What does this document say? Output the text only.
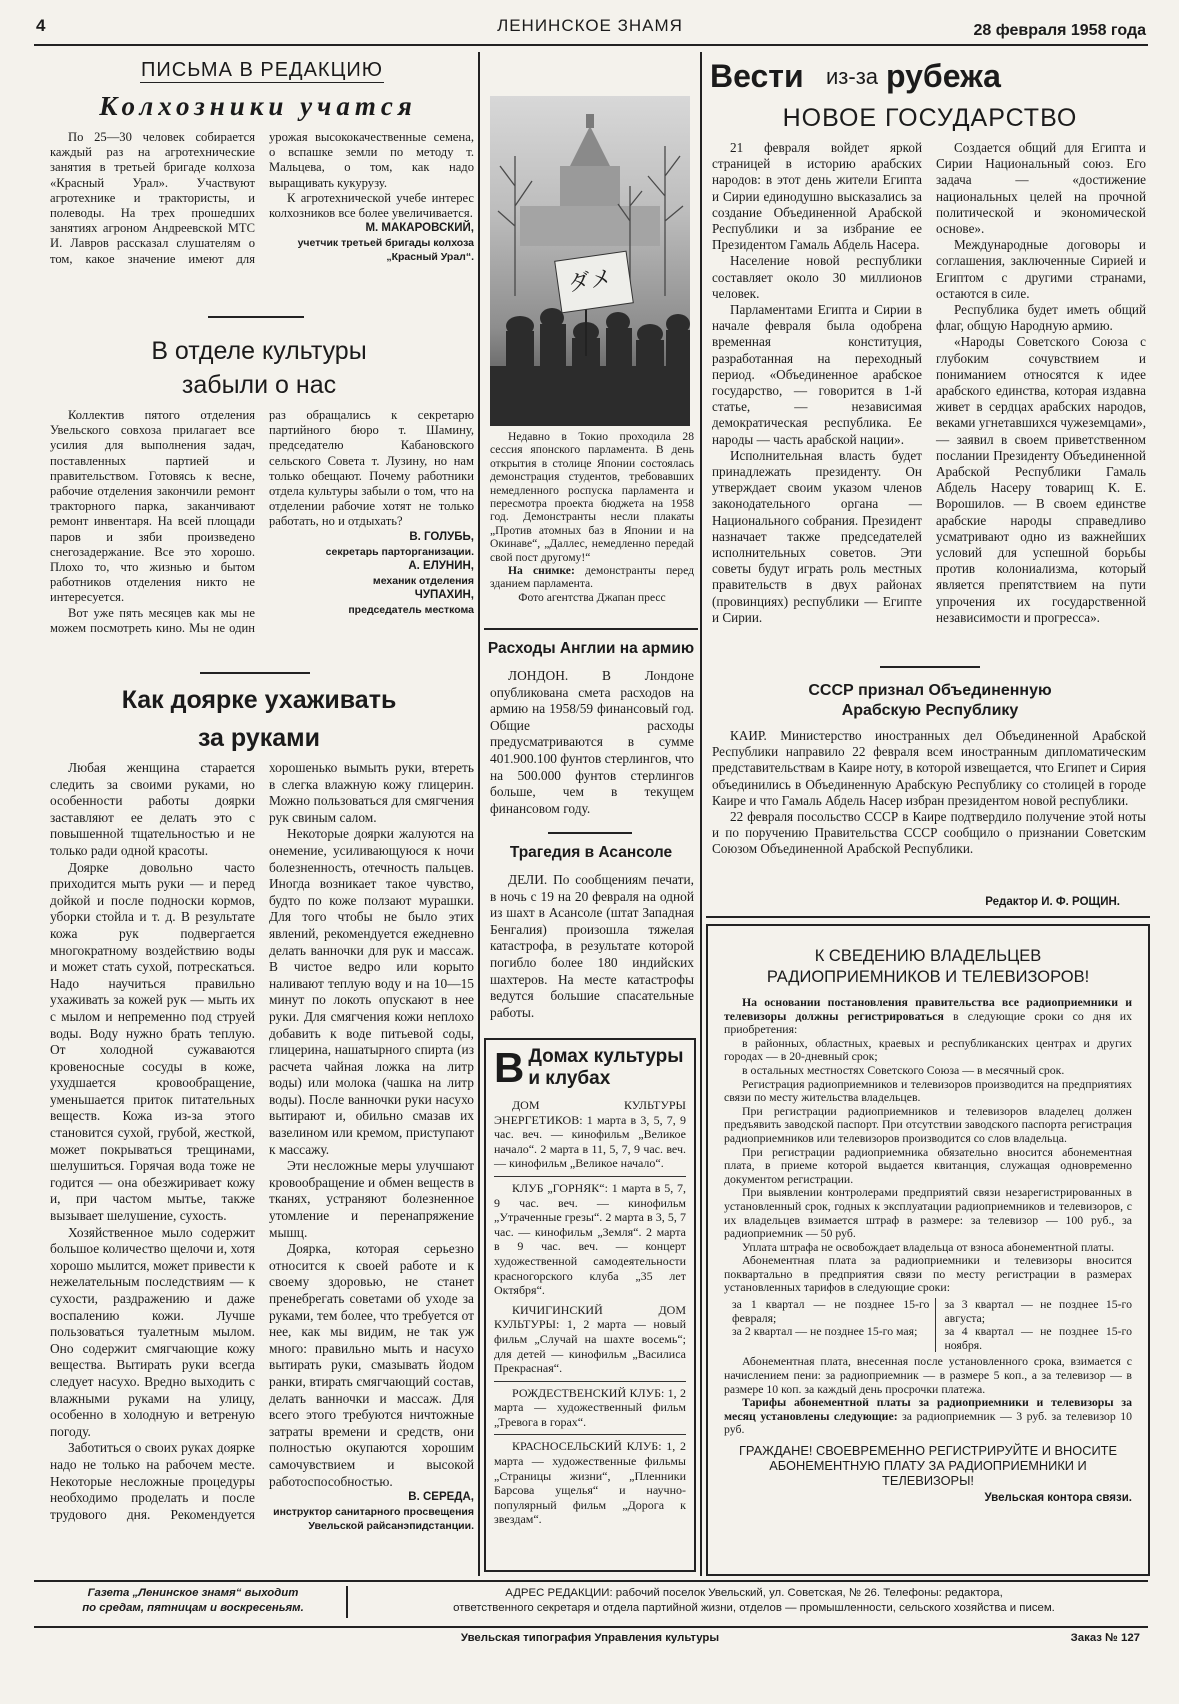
4	ЛЕНИНСКОЕ ЗНАМЯ	28 февраля 1958 года
ПИСЬМА В РЕДАКЦИЮ
Колхозники учатся

По 25—30 человек собирается каждый раз на агротехнические занятия в третьей бригаде колхоза «Красный Урал». Участвуют агротехнике и трактористы, и полеводы. На трех прошедших занятиях агроном Андреевской МТС И. Лавров рассказал слушателям о том, какое значение имеют для урожая высококачественные семена, о вспашке земли по методу т. Мальцева, о том, как надо выращивать кукурузу.

К агротехнической учебе интерес колхозников все более увеличивается.

М. МАКАРОВСКИЙ,

учетчик третьей бригады колхоза „Красный Урал“.

В отделе культуры
забыли о нас

Коллектив пятого отделения Увельского совхоза прилагает все усилия для выполнения задач, поставленных партией и правительством. Готовясь к весне, рабочие отделения закончили ремонт тракторного парка, заканчивают ремонт инвентаря. На всей площади паров и зяби произведено снегозадержание. Все это хорошо. Плохо то, что жизнью и бытом работников отделения никто не интересуется.

Вот уже пять месяцев как мы не можем посмотреть кино. Мы не один раз обращались к секретарю партийного бюро т. Шамину, председателю Кабановского сельского Совета т. Лузину, но нам только обещают. Почему работники отдела культуры забыли о том, что на отделении рабочие хотят не только работать, но и отдыхать?

В. ГОЛУБЬ,

секретарь парторганизации.

А. ЕЛУНИН,

механик отделения

ЧУПАХИН,

председатель месткома

Как доярке ухаживать
за руками

Любая женщина старается следить за своими руками, но особенности работы доярки заставляют ее делать это с повышенной тщательностью и не только ради одной красоты.

Доярке довольно часто приходится мыть руки — и перед дойкой и после подноски кормов, уборки стойла и т. д. В результате кожа рук подвергается многократному воздействию воды и может стать сухой, потрескаться. Надо научиться правильно ухаживать за кожей рук — мыть их с мылом и непременно под струей воды. Воду нужно брать теплую. От холодной сужаваются кровеносные сосуды в коже, ухудшается кровообращение, уменьшается приток питательных веществ. Кожа из-за этого становится сухой, грубой, жесткой, может покрываться трещинами, шелушиться. Горячая вода тоже не годится — она обезжиривает кожу и, при частом мытье, также вызывает шелушение, сухость.

Хозяйственное мыло содержит большое количество щелочи и, хотя хорошо мылится, может привести к нежелательным последствиям — к сухости, раздражению и даже воспалению кожи. Лучше пользоваться туалетным мылом. Оно содержит смягчающие кожу вещества. Вытирать руки всегда следует насухо. Вредно выходить с влажными руками на улицу, особенно в холодную и ветреную погоду.

Заботиться о своих руках доярке надо не только на рабочем месте. Некоторые несложные процедуры необходимо проделать и после трудового дня. Рекомендуется хорошенько вымыть руки, втереть в слегка влажную кожу глицерин. Можно пользоваться для смягчения рук свиным салом.

Некоторые доярки жалуются на онемение, усиливающуюся к ночи болезненность, отечность пальцев. Иногда возникает такое чувство, будто по коже ползают мурашки. Для того чтобы не было этих явлений, рекомендуется ежедневно делать ванночки для рук и массаж. В чистое ведро или корыто наливают теплую воду и на 10—15 минут по локоть опускают в нее руки. Для смягчения кожи неплохо добавить к воде питьевой соды, глицерина, нашатырного спирта (из расчета чайная ложка на литр воды) или молока (чашка на литр воды). После ванночки руки насухо вытирают и, обильно смазав их вазелином или кремом, приступают к массажу.

Эти несложные меры улучшают кровообращение и обмен веществ в тканях, устраняют болезненное утомление и перенапряжение мышц.

Доярка, которая серьезно относится к своей работе и к своему здоровью, не станет пренебрегать советами об уходе за руками, тем более, что требуется от нее, как мы видим, не так уж много: правильно мыть и насухо вытирать руки, смазывать йодом ранки, втирать смягчающий состав, делать ванночки и массаж. Для всего этого требуются ничтожные затраты времени и средств, они полностью окупаются хорошим самочувствием и высокой работоспособностью.

В. СЕРЕДА,

инструктор санитарного просвещения Увельской райсанэпидстанции.

ダメ

Недавно в Токио проходила 28 сессия японского парламента. В день открытия в столице Японии состоялась демонстрация студентов, требовавших немедленного роспуска парламента и пересмотра проекта бюджета на 1958 год. Демонстранты несли плакаты „Против атомных баз в Японии и на Окинаве“, „Даллес, немедленно передай свой пост другому!“

На снимке: демонстранты перед зданием парламента.

Фото агентства Джапан пресс

Расходы Англии на армию

ЛОНДОН. В Лондоне опубликована смета расходов на армию на 1958/59 финансовый год. Общие расходы предусматриваются в сумме 401.900.100 фунтов стерлингов, что на 500.000 фунтов стерлингов больше, чем в текущем финансовом году.

Трагедия в Асансоле

ДЕЛИ. По сообщениям печати, в ночь с 19 на 20 февраля на одной из шахт в Асансоле (штат Западная Бенгалия) произошла тяжелая катастрофа, в результате которой погибло более 180 индийских шахтеров. На месте катастрофы ведутся большие спасательные работы.

В Домах культуры
и клубах

ДОМ КУЛЬТУРЫ ЭНЕРГЕТИКОВ: 1 марта в 3, 5, 7, 9 час. веч. — кинофильм „Великое начало“. 2 марта в 11, 5, 7, 9 час. веч. — кинофильм „Великое начало“.

КЛУБ „ГОРНЯК“: 1 марта в 5, 7, 9 час. веч. — кинофильм „Утраченные грезы“. 2 марта в 3, 5, 7 час. — кинофильм „Земля“. 2 марта в 9 час. веч. — концерт художественной самодеятельности красногорского клуба „35 лет Октября“.

КИЧИГИНСКИЙ ДОМ КУЛЬТУРЫ: 1, 2 марта — новый фильм „Случай на шахте восемь“; для детей — кинофильм „Василиса Прекрасная“.

РОЖДЕСТВЕНСКИЙ КЛУБ: 1, 2 марта — художественный фильм „Тревога в горах“.

КРАСНОСЕЛЬСКИЙ КЛУБ: 1, 2 марта — художественные фильмы „Страницы жизни“, „Пленники Барсова ущелья“ и научно-популярный фильм „Дорога к звездам“.

Вести из-за рубежа
НОВОЕ ГОСУДАРСТВО

21 февраля войдет яркой страницей в историю арабских народов: в этот день жители Египта и Сирии единодушно высказались за создание Объединенной Арабской Республики и за избрание ее Президентом Гамаль Абдель Насера.

Население новой республики составляет около 30 миллионов человек.

Парламентами Египта и Сирии в начале февраля была одобрена временная конституция, разработанная на переходный период. «Объединенное арабское государство, — говорится в 1-й статье, — независимая демократическая республика. Ее народы — часть арабской нации».

Исполнительная власть будет принадлежать президенту. Он утверждает своим указом членов законодательного органа — Национального собрания. Президент назначает также председателей исполнительных советов. Эти советы будут играть роль местных правительств в двух районах (провинциях) республики — Египте и Сирии.

Создается общий для Египта и Сирии Национальный союз. Его задача — «достижение национальных целей на прочной политической и экономической основе».

Международные договоры и соглашения, заключенные Сирией и Египтом с другими странами, остаются в силе.

Республика будет иметь общий флаг, общую Народную армию.

«Народы Советского Союза с глубоким сочувствием и пониманием относятся к идее арабского единства, которая издавна живет в сердцах арабских народов, веками угнетавшихся чужеземцами», — заявил в своем приветственном послании Президенту Объединенной Арабской Республики Гамаль Абдель Насеру товарищ К. Е. Ворошилов. — В своем единстве арабские народы справедливо усматривают одно из важнейших условий для успешной борьбы против колониализма, который является препятствием на пути упрочения их государственной независимости и прогресса».

СССР признал Объединенную
Арабскую Республику

КАИР. Министерство иностранных дел Объединенной Арабской Республики направило 22 февраля всем иностранным дипломатическим представительствам в Каире ноту, в которой извещается, что Египет и Сирия объединились в Объединенную Арабскую Республику со столицей в городе Каире и что Гамаль Абдель Насер избран президентом новой республики.

22 февраля посольство СССР в Каире подтвердило получение этой ноты и по поручению Правительства СССР сообщило о признании Советским Союзом Объединенной Арабской Республики.

Редактор И. Ф. РОЩИН.
К СВЕДЕНИЮ ВЛАДЕЛЬЦЕВ
РАДИОПРИЕМНИКОВ И ТЕЛЕВИЗОРОВ!

На основании постановления правительства все радиоприемники и телевизоры должны регистрироваться в следующие сроки со дня их приобретения:

в районных, областных, краевых и республиканских центрах и других городах — в 20-дневный срок;

в остальных местностях Советского Союза — в месячный срок.

Регистрация радиоприемников и телевизоров производится на предприятиях связи по месту жительства владельцев.

При регистрации радиоприемников и телевизоров владелец должен предъявить заводской паспорт. При отсутствии заводского паспорта регистрация радиоприемников или телевизоров производится со слов владельца.

При регистрации радиоприемника обязательно вносится абонементная плата, в приеме которой выдается квитанция, служащая одновременно документом регистрации.

При выявлении контролерами предприятий связи незарегистрированных в установленный срок, годных к эксплуатации радиоприемников и телевизоров, с их владельцев взимается штраф в размере: за телевизор — 100 руб., за радиоприемник — 50 руб.

Уплата штрафа не освобождает владельца от взноса абонементной платы.

Абонементная плата за радиоприемники и телевизоры вносится поквартально в предприятия связи по месту регистрации в размерах установленных тарифов в следующие сроки:

за 1 квартал — не позднее 15-го февраля;
за 2 квартал — не позднее 15-го мая;
за 3 квартал — не позднее 15-го августа;
за 4 квартал — не позднее 15-го ноября.

Абонементная плата, внесенная после установленного срока, взимается с начислением пени: за радиоприемник — в размере 5 коп., а за телевизор — в размере 10 коп. за каждый день просрочки платежа.

Тарифы абонементной платы за радиоприемники и телевизоры за месяц установлены следующие: за радиоприемник — 3 руб. за телевизор 10 руб.

ГРАЖДАНЕ! СВОЕВРЕМЕННО РЕГИСТРИРУЙТЕ И ВНОСИТЕ АБОНЕМЕНТНУЮ ПЛАТУ ЗА РАДИОПРИЕМНИКИ И ТЕЛЕВИЗОРЫ!
Увельская контора связи.
Газета „Ленинское знамя“ выходит
по средам, пятницам и воскресеньям.
АДРЕС РЕДАКЦИИ: рабочий поселок Увельский, ул. Советская, № 26. Телефоны: редактора,
ответственного секретаря и отдела партийной жизни, отделов — промышленности, сельского хозяйства и писем.
Увельская типография Управления культуры	Заказ № 127
